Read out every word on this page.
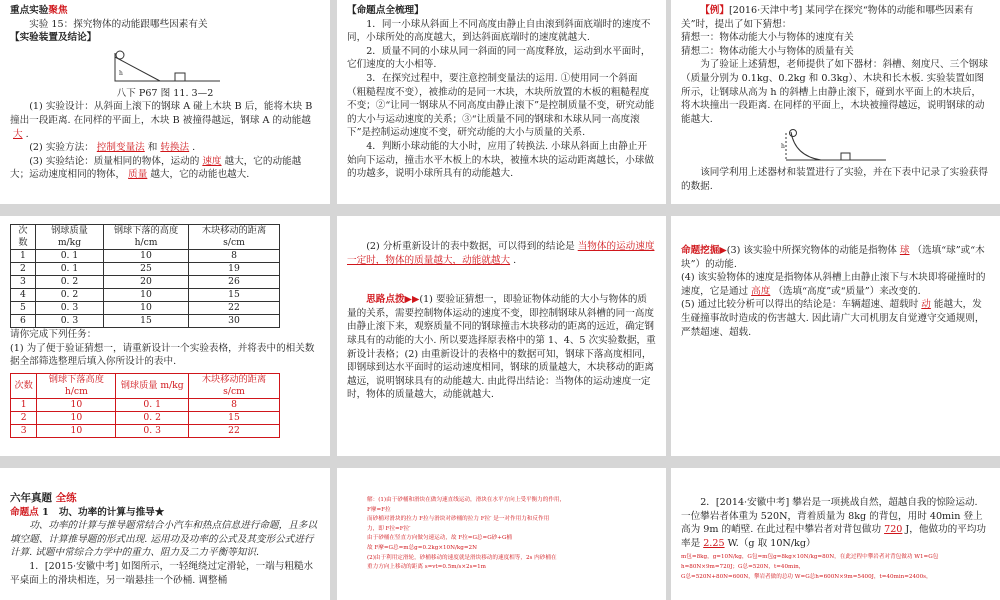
重点实验聚焦

实验 15：探究物体的动能跟哪些因素有关

【实验装置及结论】

h

八下 P67 图 11. 3—2

(1) 实验设计：从斜面上滚下的钢球 A 碰上木块 B 后，能将木块 B 撞出一段距离. 在同样的平面上，木块 B 被撞得越远，钢球 A 的动能越大 .

(2) 实验方法： 控制变量法 和 转换法 .

(3) 实验结论：质量相同的物体，运动的 速度 越大，它的动能越大；运动速度相同的物体， 质量 越大，它的动能也越大.

【命题点全梳理】

1．同一小球从斜面上不同高度由静止自由滚到斜面底端时的速度不同，小球所处的高度越大，到达斜面底端时的速度就越大.

2．质量不同的小球从同一斜面的同一高度释放，运动到水平面时，它们速度的大小相等.

3．在探究过程中，要注意控制变量法的运用. ①使用同一个斜面（粗糙程度不变），被推动的是同一木块，木块所放置的木板的粗糙程度不变；②“让同一钢球从不同高度由静止滚下”是控制质量不变，研究动能的大小与运动速度的关系；③“让质量不同的钢球和木球从同一高度滚下”是控制运动速度不变，研究动能的大小与质量的关系.

4．判断小球动能的大小时，应用了转换法. 小球从斜面上由静止开始向下运动，撞击水平木板上的木块，被撞木块的运动距离越长，小球做的功越多，说明小球所具有的动能越大.

【例】[2016·天津中考] 某同学在探究“物体的动能和哪些因素有关”时，提出了如下猜想：

猜想一：物体动能大小与物体的速度有关

猜想二：物体动能大小与物体的质量有关

为了验证上述猜想，老师提供了如下器材：斜槽、刻度尺、三个钢球（质量分别为 0.1kg、0.2kg 和 0.3kg）、木块和长木板. 实验装置如图所示，让钢球从高为 h 的斜槽上由静止滚下，碰到水平面上的木块后，将木块撞出一段距离. 在同样的平面上，木块被撞得越远，说明钢球的动能越大.

h

该同学利用上述器材和装置进行了实验，并在下表中记录了实验获得的数据.

次数	钢球质量 m/kg	钢球下落的高度 h/cm	木块移动的距离 s/cm
1	0. 1	10	8
2	0. 1	25	19
3	0. 2	20	26
4	0. 2	10	15
5	0. 3	10	22
6	0. 3	15	30

请你完成下列任务：

(1) 为了便于验证猜想一，请重新设计一个实验表格，并将表中的相关数据全部筛选整理后填入你所设计的表中.

次数	钢球下落高度 h/cm	钢球质量 m/kg	木块移动的距离 s/cm
1	10	0. 1	8
2	10	0. 2	15
3	10	0. 3	22

(2) 分析重新设计的表中数据，可以得到的结论是 当物体的运动速度一定时，物体的质量越大，动能就越大 .

思路点拨▶▶(1) 要验证猜想一，即验证物体动能的大小与物体的质量的关系，需要控制物体运动的速度不变，即控制钢球从斜槽的同一高度由静止滚下来，观察质量不同的钢球撞击木块移动的距离的远近，确定钢球具有的动能的大小. 所以要选择原表格中的第 1、4、5 次实验数据，重新设计表格；(2) 由重新设计的表格中的数据可知，钢球下落高度相同，即钢球到达水平面时的运动速度相同，钢球的质量越大，木块移动的距离越远，说明钢球具有的动能越大. 由此得出结论：当物体的运动速度一定时，物体的质量越大，动能就越大.

命题挖掘▶(3) 该实验中所探究物体的动能是指物体 球 （选填“球”或“木块”）的动能.

(4) 该实验物体的速度是指物体从斜槽上由静止滚下与木块即将碰撞时的速度，它是通过 高度 （选填“高度”或“质量”）来改变的.

(5) 通过比较分析可以得出的结论是：车辆超速、超载时 动 能越大，发生碰撞事故时造成的伤害越大. 因此请广大司机朋友自觉遵守交通规则，严禁超速、超载.

六年真题 全练

命题点 1 功、功率的计算与推导★

功、功率的计算与推导题常结合小汽车和热点信息进行命题，且多以填空题、计算推导题的形式出现. 运用功及功率的公式及其变形公式进行计算. 试题中常综合力学中的重力、阻力及二力平衡等知识.

1．[2015·安徽中考] 如图所示，一轻绳绕过定滑轮，一端与粗糙水平桌面上的滑块相连，另一端悬挂一个砂桶. 调整桶

解：(1)由于砂桶和滑块在做匀速直线运动，滑块在水平方向上受平衡力的作用，

F摩=F拉

而砂桶对滑块的拉力 F拉与滑块对砂桶的拉力 F拉′ 是一对作用力和反作用

力，即 F拉=F拉′

由于砂桶在竖直方向做匀速运动，故 F拉=G总=G砂+G桶

故 F摩=G总=m总g=0.2kg×10N/kg=2N

(2)由于利用定滑轮，砂桶移动的速度就是滑块移动的速度相等，2s 内砂桶在

重力方向上移动的距离 s=vt=0.5m/s×2s=1m

2．[2014·安徽中考] 攀岩是一项挑战自然，超越自我的惊险运动. 一位攀岩者体重为 520N，背着质量为 8kg 的背包，用时 40min 登上高为 9m 的峭壁. 在此过程中攀岩者对背包做功 720 J，他做功的平均功率是 2.25 W.（g 取 10N/kg）

m包=8kg，g=10N/kg，G包=m包g=8kg×10N/kg=80N，在此过程中攀岩者对背包做功 W1=G包h=80N×9m=720J；G总=520N，t=40min，

G总=520N+80N=600N，攀岩者做的总功 W=G总h=600N×9m=5400J，t=40min=2400s，
